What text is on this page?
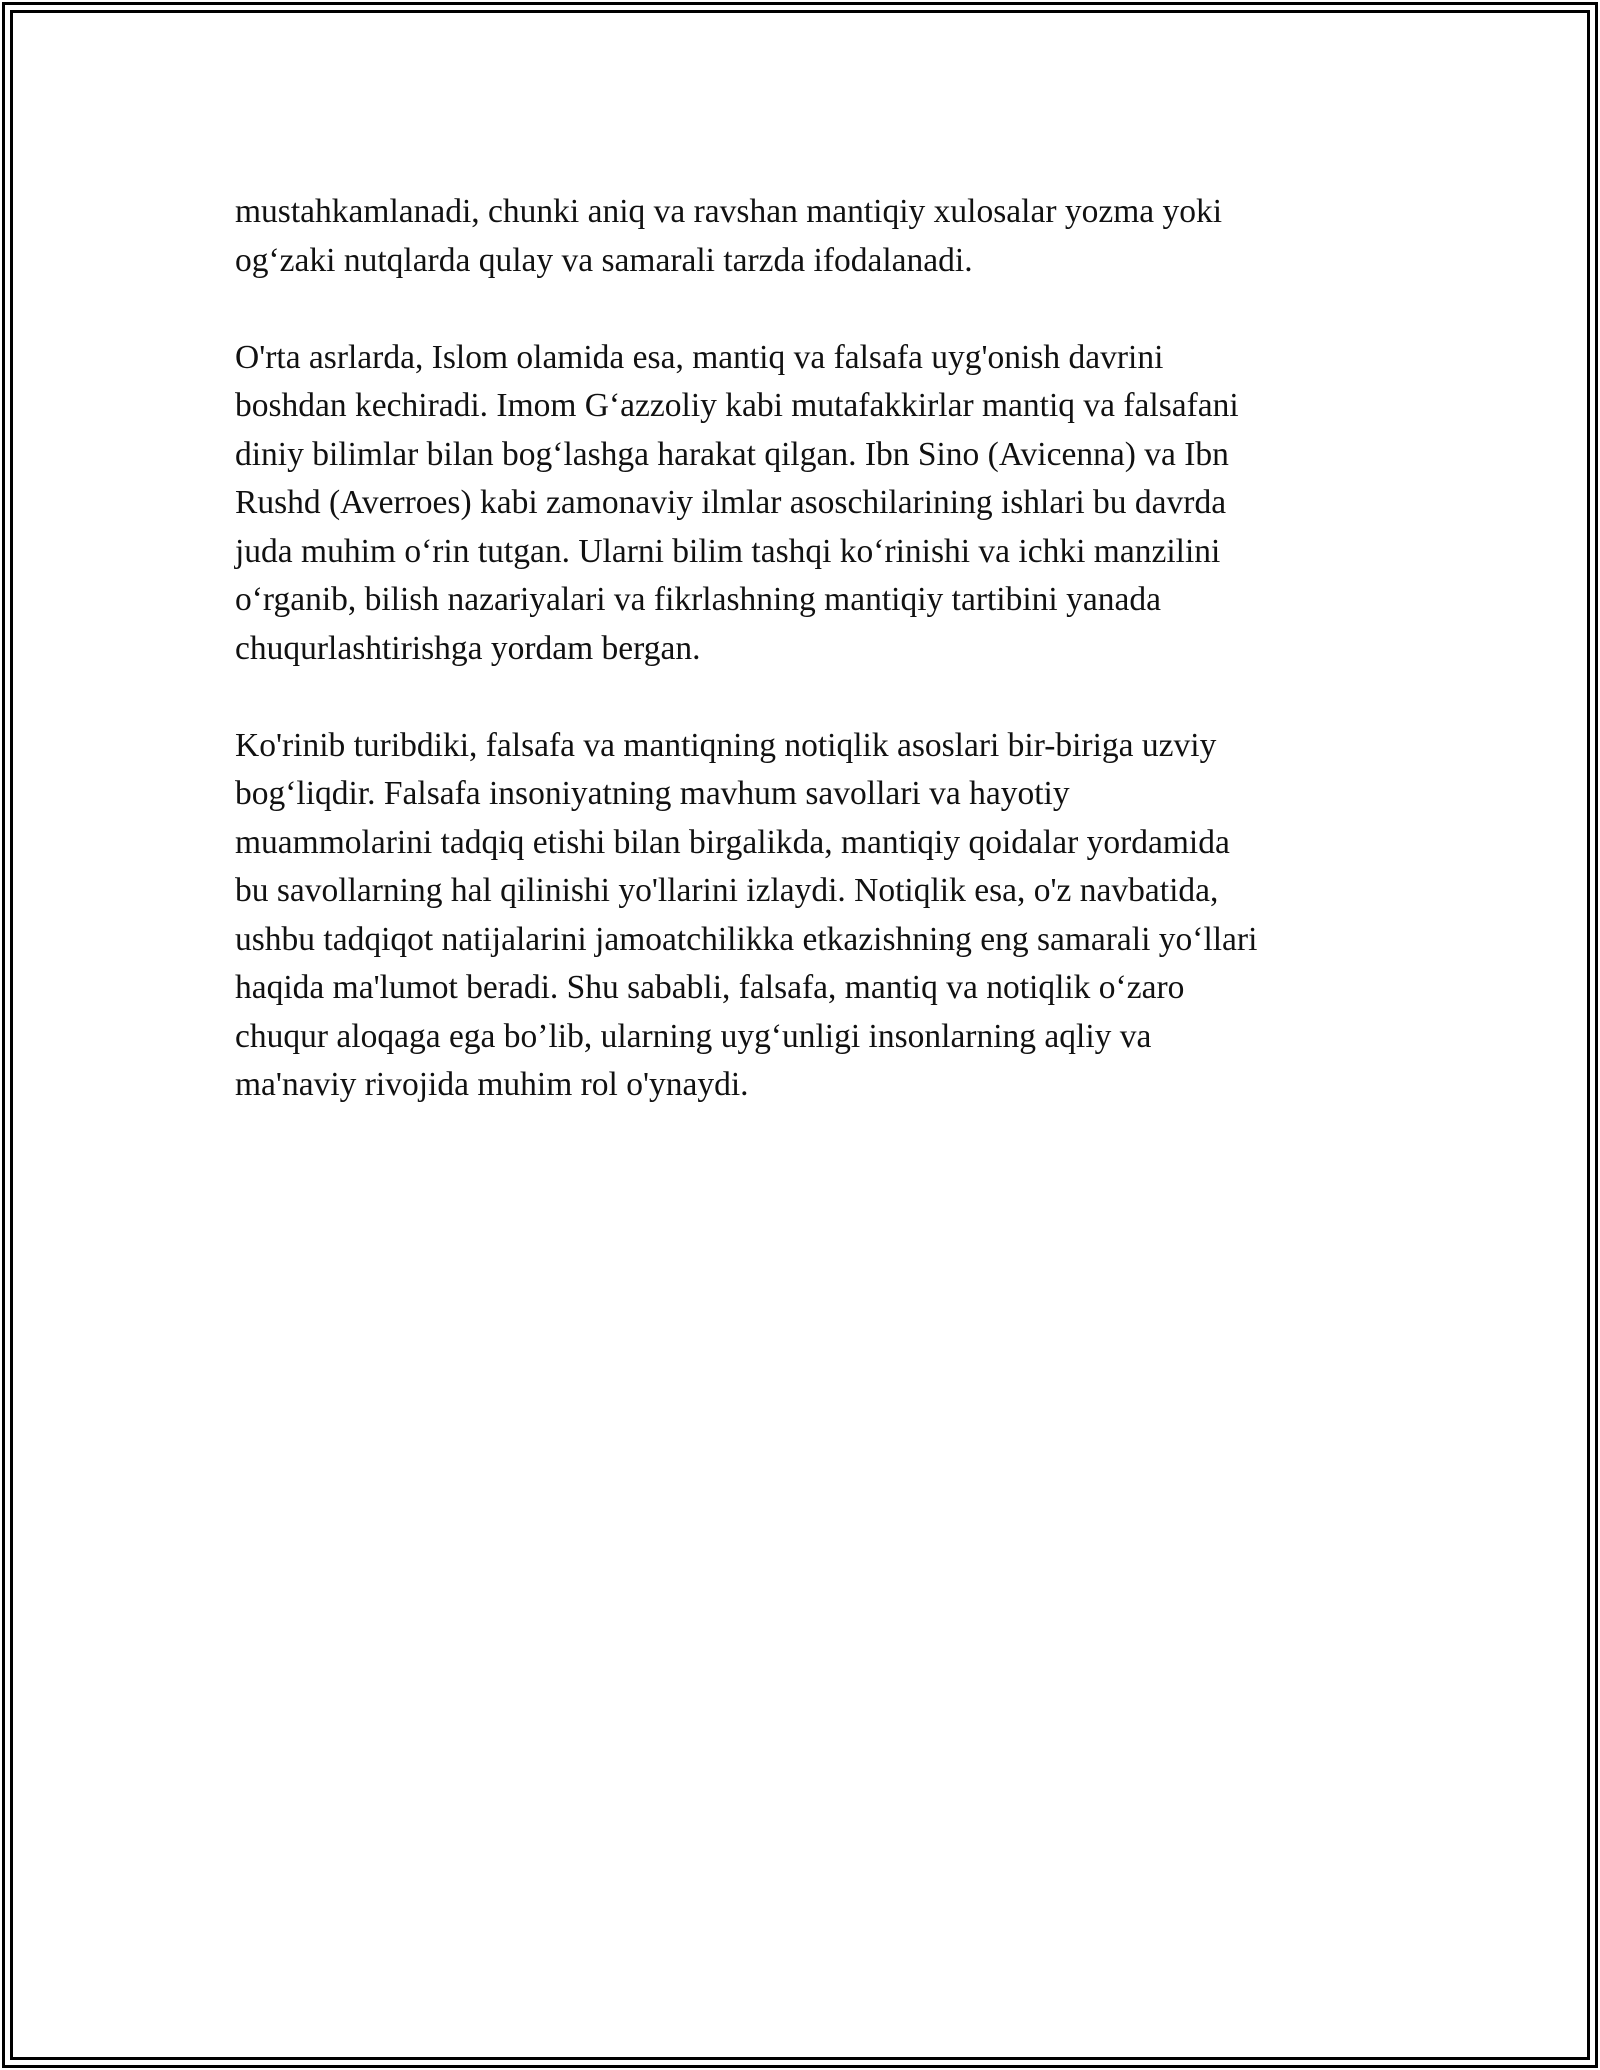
mustahkamlanadi, chunki aniq va ravshan mantiqiy xulosalar yozma yoki
og‘zaki nutqlarda qulay va samarali tarzda ifodalanadi.

O'rta asrlarda, Islom olamida esa, mantiq va falsafa uyg'onish davrini
boshdan kechiradi. Imom G‘azzoliy kabi mutafakkirlar mantiq va falsafani
diniy bilimlar bilan bog‘lashga harakat qilgan. Ibn Sino (Avicenna) va Ibn
Rushd (Averroes) kabi zamonaviy ilmlar asoschilarining ishlari bu davrda
juda muhim o‘rin tutgan. Ularni bilim tashqi ko‘rinishi va ichki manzilini
o‘rganib, bilish nazariyalari va fikrlashning mantiqiy tartibini yanada
chuqurlashtirishga yordam bergan.

Ko'rinib turibdiki, falsafa va mantiqning notiqlik asoslari bir-biriga uzviy
bog‘liqdir. Falsafa insoniyatning mavhum savollari va hayotiy
muammolarini tadqiq etishi bilan birgalikda, mantiqiy qoidalar yordamida
bu savollarning hal qilinishi yo'llarini izlaydi. Notiqlik esa, o'z navbatida,
ushbu tadqiqot natijalarini jamoatchilikka etkazishning eng samarali yo‘llari
haqida ma'lumot beradi. Shu sababli, falsafa, mantiq va notiqlik o‘zaro
chuqur aloqaga ega bo’lib, ularning uyg‘unligi insonlarning aqliy va
ma'naviy rivojida muhim rol o'ynaydi.
